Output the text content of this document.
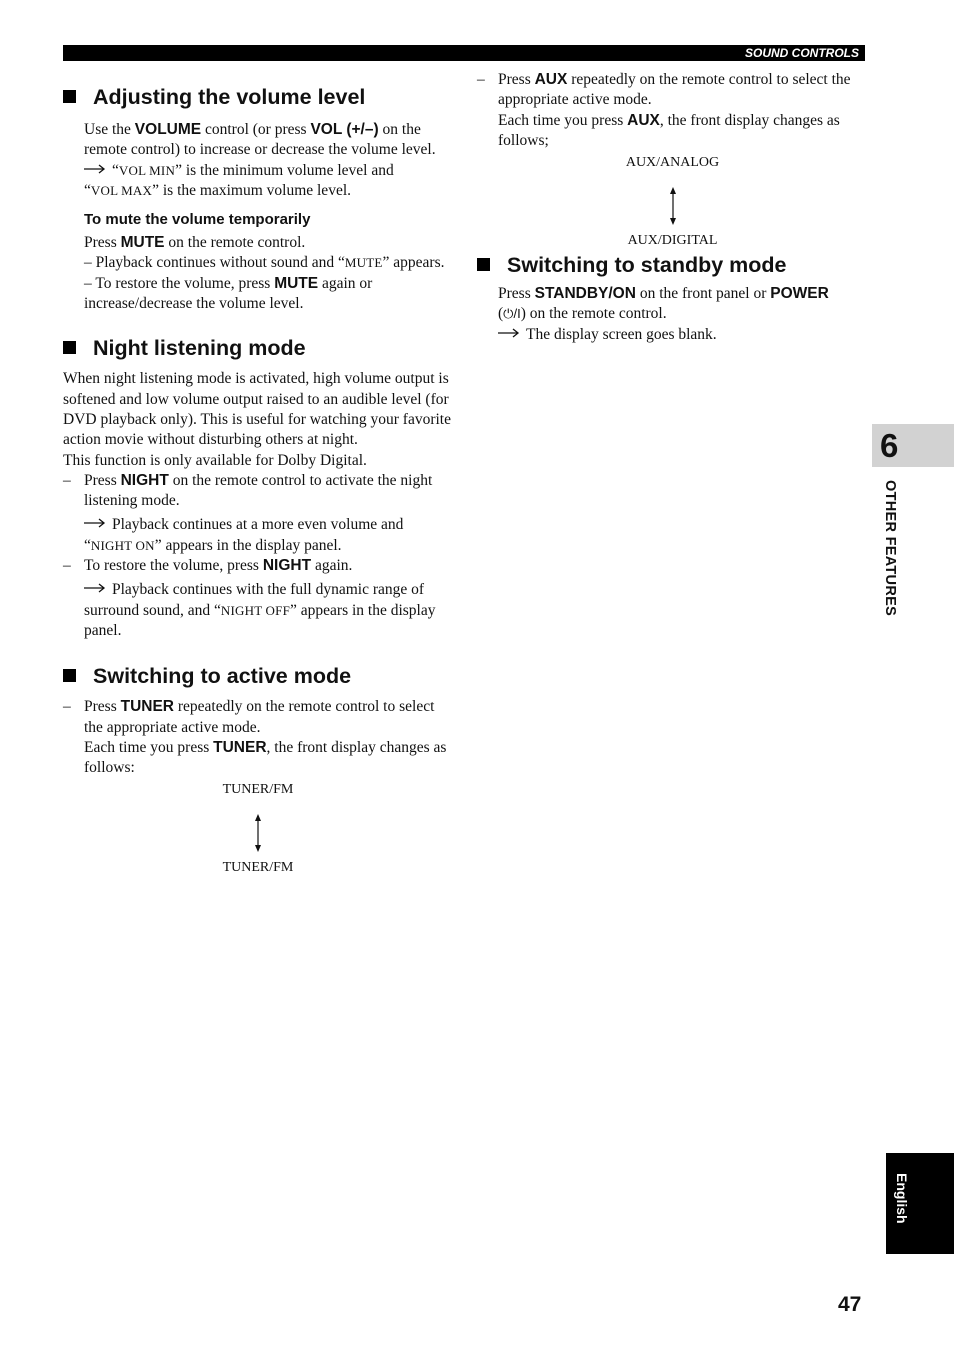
SOUND CONTROLS
Adjusting the volume level

Use the VOLUME control (or press VOL (+/–) on the remote control) to increase or decrease the volume level.

“VOL MIN” is the minimum volume level and

“VOL MAX” is the maximum volume level.

To mute the volume temporarily

Press MUTE on the remote control.

– Playback continues without sound and “MUTE” appears.

– To restore the volume, press MUTE again or increase/decrease the volume level.

Night listening mode

When night listening mode is activated, high volume output is softened and low volume output raised to an audible level (for DVD playback only). This is useful for watching your favorite action movie without disturbing others at night.

This function is only available for Dolby Digital.

– Press NIGHT on the remote control to activate the night listening mode.

Playback continues at a more even volume and “NIGHT ON” appears in the display panel.

– To restore the volume, press NIGHT again.

Playback continues with the full dynamic range of surround sound, and “NIGHT OFF” appears in the display panel.

Switching to active mode

– Press TUNER repeatedly on the remote control to select the appropriate active mode.

Each time you press TUNER, the front display changes as follows:

TUNER/FM
TUNER/FM

– Press AUX repeatedly on the remote control to select the appropriate active mode.

Each time you press AUX, the front display changes as follows;

AUX/ANALOG
AUX/DIGITAL
Switching to standby mode

Press STANDBY/ON on the front panel or POWER
(⏻/I) on the remote control.

The display screen goes blank.

6
OTHER FEATURES
English
47
